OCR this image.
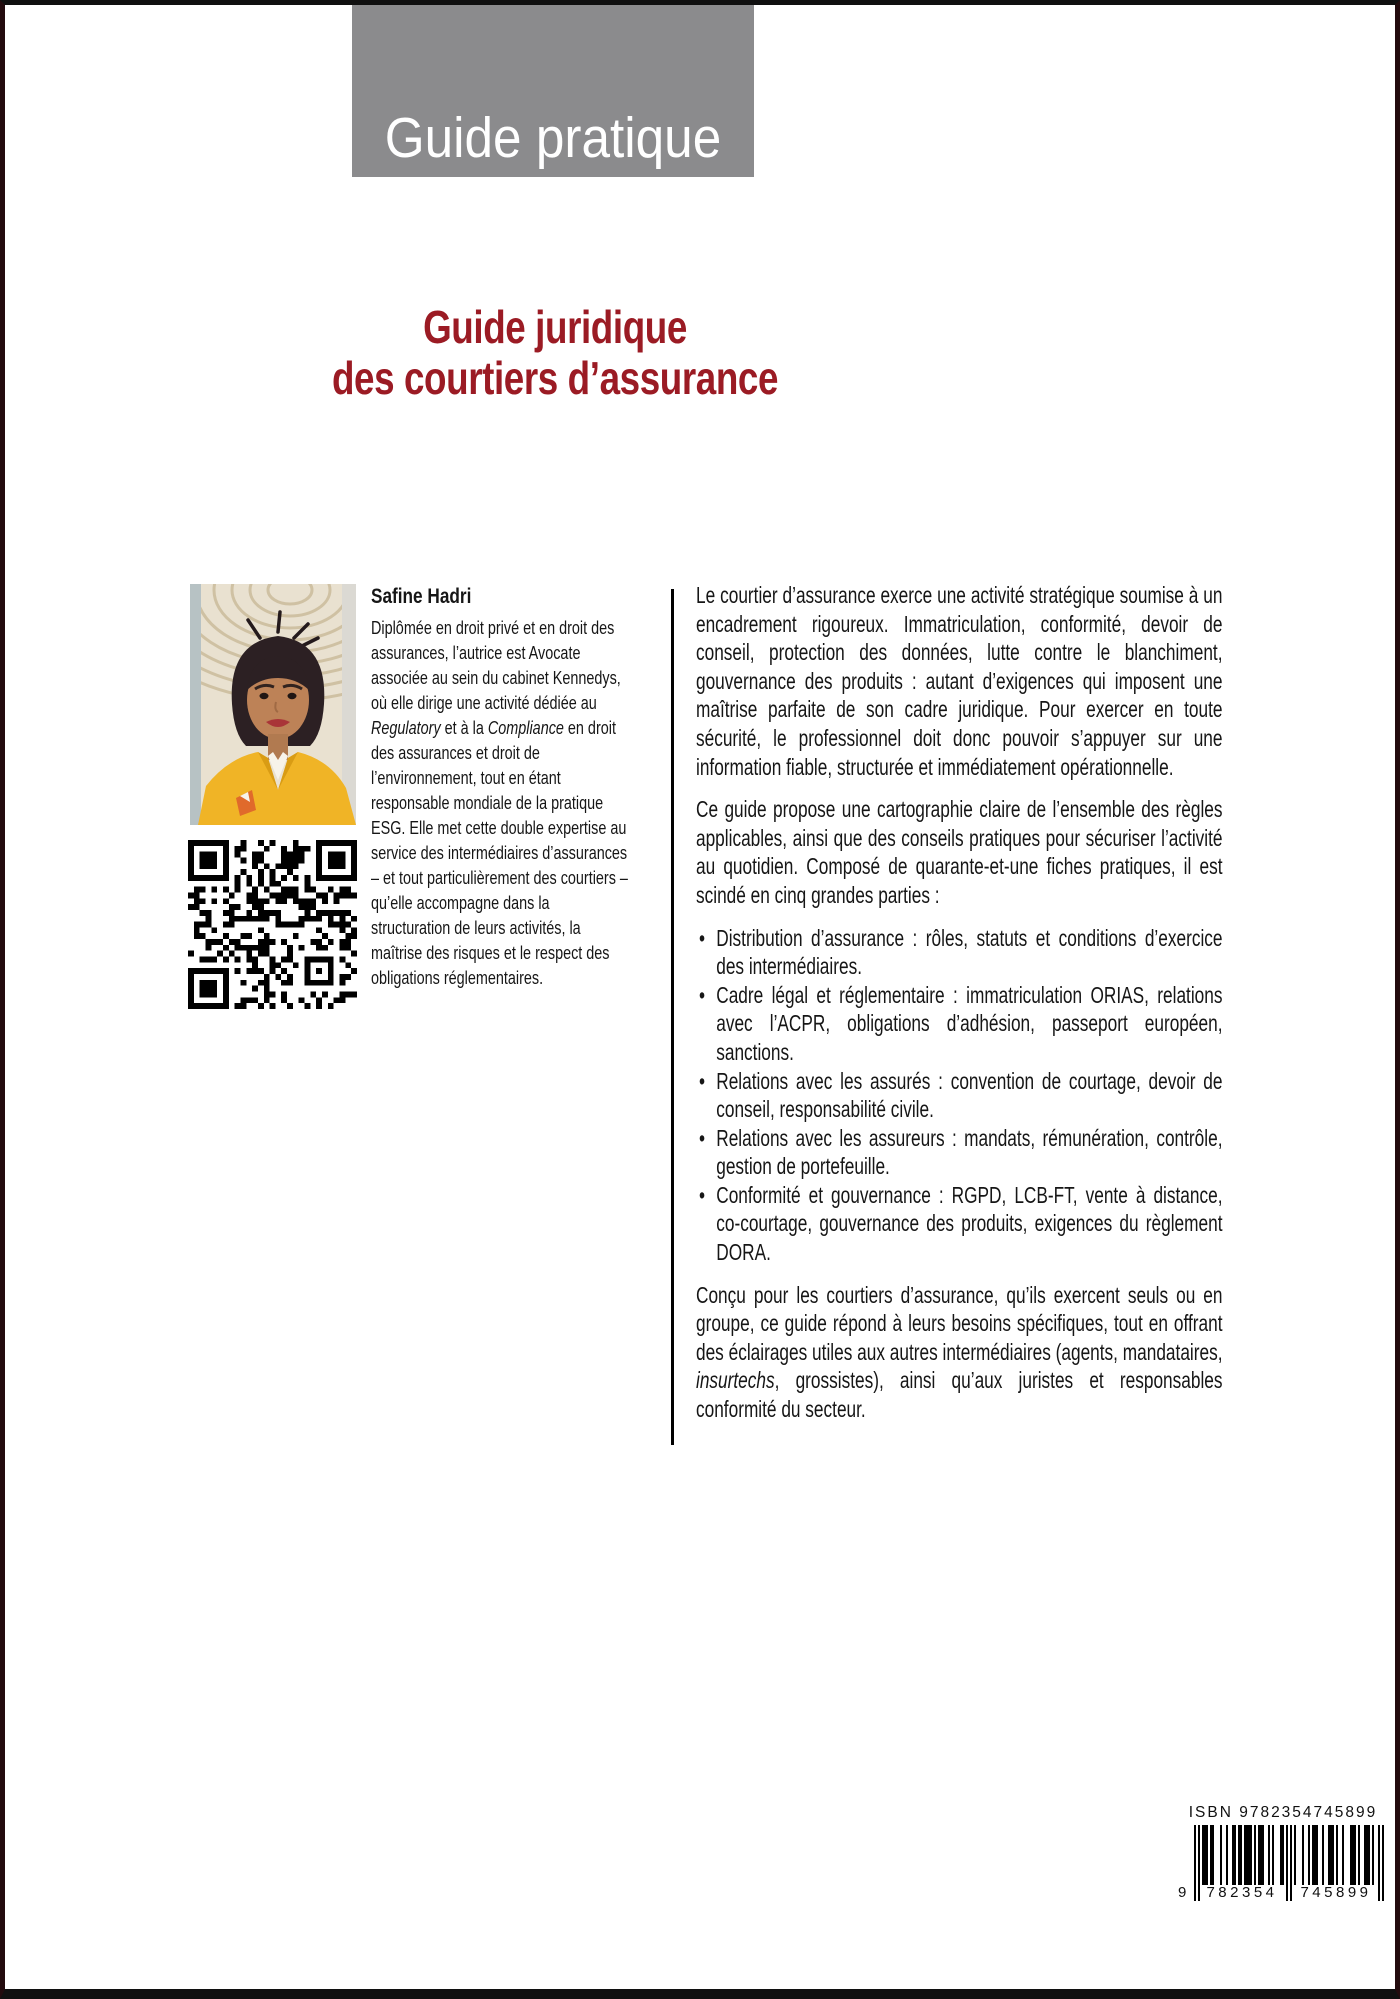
Guide pratique
Guide juridique
des courtiers d’assurance

Safine Hadri

Diplômée en droit privé et en droit des assurances, l’autrice est Avocate associée au sein du cabinet Kennedys, où elle dirige une activité dédiée au Regulatory et à la Compliance en droit des assurances et droit de l’environnement, tout en étant responsable mondiale de la pratique ESG. Elle met cette double expertise au service des intermédiaires d’assurances – et tout particulièrement des courtiers – qu’elle accompagne dans la structuration de leurs activités, la maîtrise des risques et le respect des obligations réglementaires.

Le courtier d’assurance exerce une activité stratégique soumise à un encadrement rigoureux. Immatriculation, conformité, devoir de conseil, protection des données, lutte contre le blanchiment, gouvernance des produits : autant d’exigences qui imposent une maîtrise parfaite de son cadre juridique. Pour exercer en toute sécurité, le professionnel doit donc pouvoir s’appuyer sur une information fiable, structurée et immédiatement opérationnelle.

Ce guide propose une cartographie claire de l’ensemble des règles applicables, ainsi que des conseils pratiques pour sécuriser l’activité au quotidien. Composé de quarante-et-une fiches pratiques, il est scindé en cinq grandes parties :

• Distribution d’assurance : rôles, statuts et conditions d’exercice des intermédiaires.
• Cadre légal et réglementaire : immatriculation ORIAS, relations avec l’ACPR, obligations d’adhésion, passeport européen, sanctions.
• Relations avec les assurés : convention de courtage, devoir de conseil, responsabilité civile.
• Relations avec les assureurs : mandats, rémunération, contrôle, gestion de portefeuille.
• Conformité et gouvernance : RGPD, LCB-FT, vente à distance, co-courtage, gouvernance des produits, exigences du règlement DORA.

Conçu pour les courtiers d’assurance, qu’ils exercent seuls ou en groupe, ce guide répond à leurs besoins spécifiques, tout en offrant des éclairages utiles aux autres intermédiaires (agents, mandataires, insurtechs, grossistes), ainsi qu’aux juristes et responsables conformité du secteur.

ISBN 9782354745899
9	782354	745899
